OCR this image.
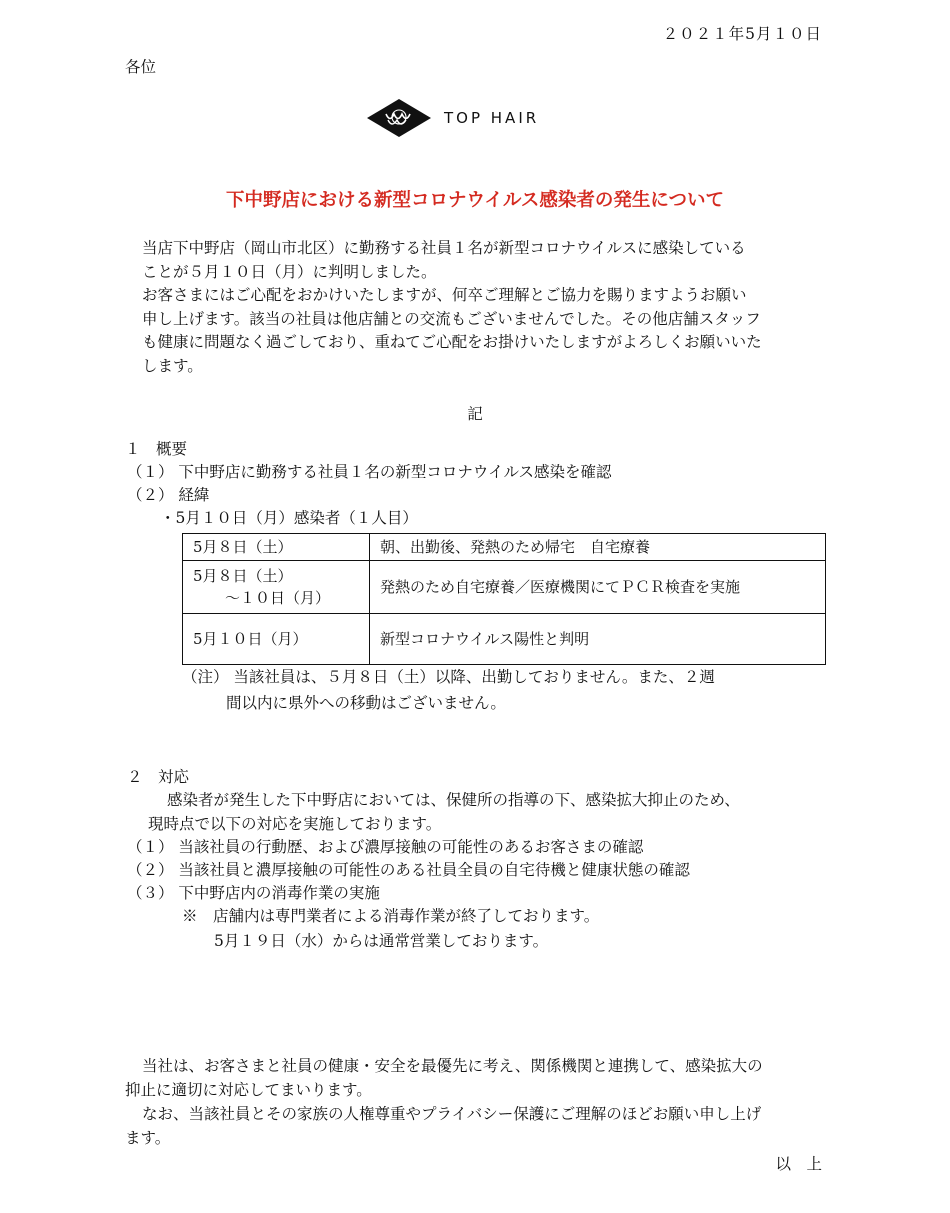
２０２１年5月１０日
各位
TOP HAIR
下中野店における新型コロナウイルス感染者の発生について
当店下中野店（岡山市北区）に勤務する社員１名が新型コロナウイルスに感染している
ことが５月１０日（月）に判明しました。
お客さまにはご心配をおかけいたしますが、何卒ご理解とご協力を賜りますようお願い
申し上げます。該当の社員は他店舗との交流もございませんでした。その他店舗スタッフ
も健康に問題なく過ごしており、重ねてご心配をお掛けいたしますがよろしくお願いいた
します。
記
１　概要
（１） 下中野店に勤務する社員１名の新型コロナウイルス感染を確認
（２） 経緯
・5月１０日（月）感染者（１人目）
5月８日（土）	朝、出勤後、発熱のため帰宅　自宅療養

5月８日（土）
～１０日（月）	発熱のため自宅療養／医療機関にてＰＣＲ検査を実施
5月１０日（月）	新型コロナウイルス陽性と判明
（注） 当該社員は、５月８日（土）以降、出勤しておりません。また、２週
間以内に県外への移動はございません。
２　対応
感染者が発生した下中野店においては、保健所の指導の下、感染拡大抑止のため、
現時点で以下の対応を実施しております。
（１） 当該社員の行動歴、および濃厚接触の可能性のあるお客さまの確認
（２） 当該社員と濃厚接触の可能性のある社員全員の自宅待機と健康状態の確認
（３） 下中野店内の消毒作業の実施
※　店舗内は専門業者による消毒作業が終了しております。
5月１９日（水）からは通常営業しております。
当社は、お客さまと社員の健康・安全を最優先に考え、関係機関と連携して、感染拡大の
抑止に適切に対応してまいります。
なお、当該社員とその家族の人権尊重やプライバシー保護にご理解のほどお願い申し上げ
ます。
以　上
